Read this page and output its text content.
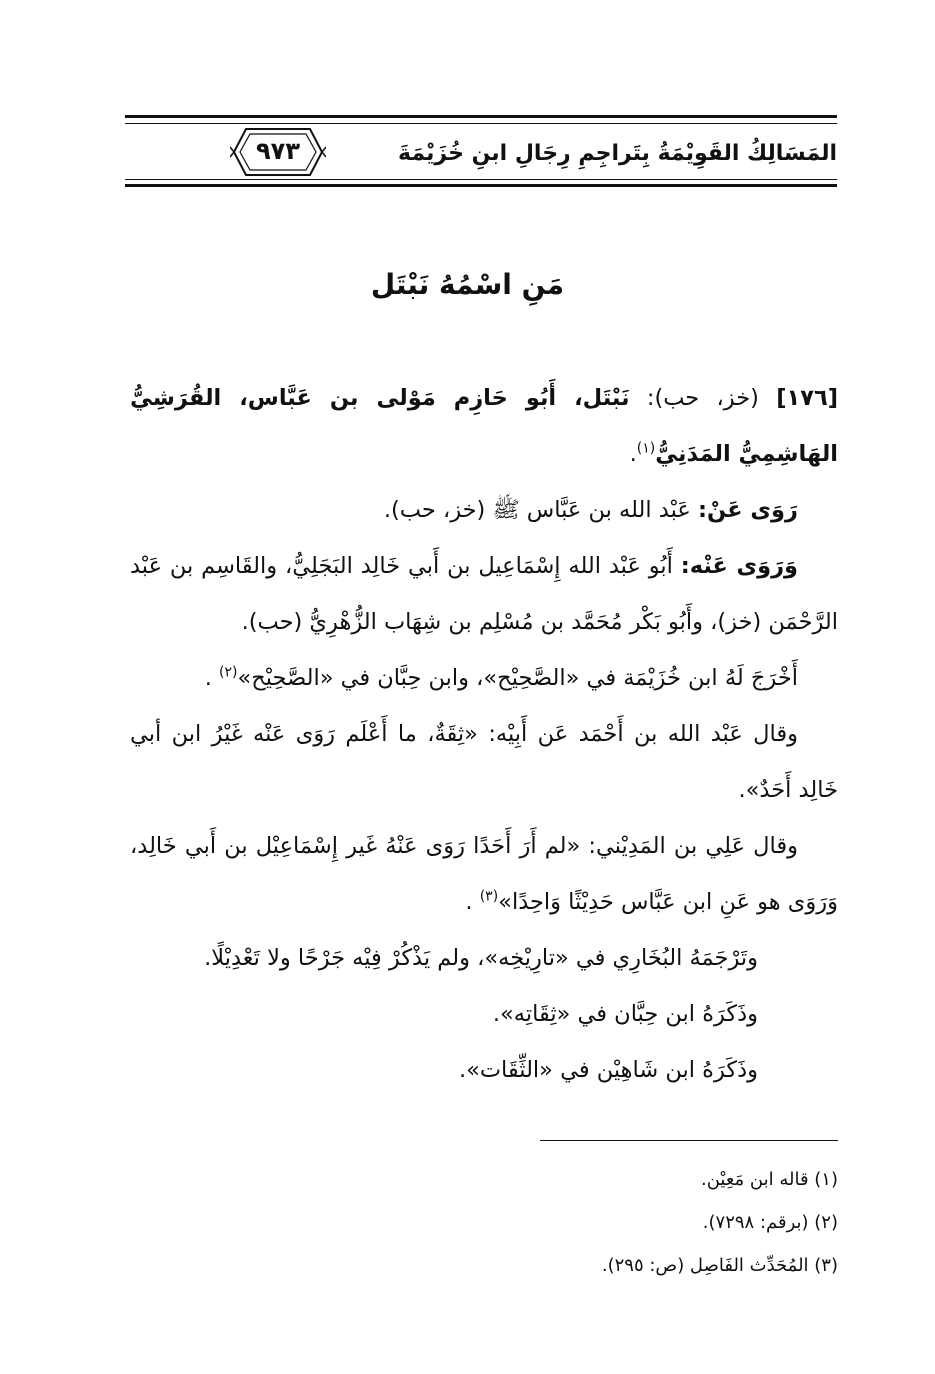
المَسَالِكُ القَوِيْمَةُ بِتَراجِمِ رِجَالِ ابنِ خُزَيْمَةَ
٩٧٣
مَنِ اسْمُهُ نَبْتَل

[١٧٦] (خز، حب): نَبْتَل، أَبُو حَازِم مَوْلى بن عَبَّاس، القُرَشِيُّ الهَاشِمِيُّ المَدَنِيُّ$^{(١)}$.

رَوَى عَنْ: عَبْد الله بن عَبَّاس ﷺ (خز، حب).

وَرَوَى عَنْه: أَبُو عَبْد الله إِسْمَاعِيل بن أَبي خَالِد البَجَلِيُّ، والقَاسِم بن عَبْد الرَّحْمَن (خز)، وأَبُو بَكْر مُحَمَّد بن مُسْلِم بن شِهَاب الزُّهْرِيُّ (حب).

أَخْرَجَ لَهُ ابن خُزَيْمَة في «الصَّحِيْح»، وابن حِبَّان في «الصَّحِيْح»$^{(٢)}$ .

وقال عَبْد الله بن أَحْمَد عَن أَبِيْه: «ثِقَةٌ، ما أَعْلَم رَوَى عَنْه غَيْرُ ابن أبي خَالِد أَحَدٌ».

وقال عَلِي بن المَدِيْني: «لم أَرَ أَحَدًا رَوَى عَنْهُ غَير إِسْمَاعِيْل بن أَبي خَالِد، وَرَوَى هو عَنِ ابن عَبَّاس حَدِيْثًا وَاحِدًا»$^{(٣)}$ .

وتَرْجَمَهُ البُخَارِي في «تارِيْخِه»، ولم يَذْكُرْ فِيْه جَرْحًا ولا تَعْدِيْلًا.

وذَكَرَهُ ابن حِبَّان في «ثِقَاتِه».

وذَكَرَهُ ابن شَاهِيْن في «الثِّقَات».

(١) قاله ابن مَعِيْن.

(٢) (برقم: ٧٢٩٨).

(٣) المُحَدِّث الفَاصِل (ص: ٢٩٥).
